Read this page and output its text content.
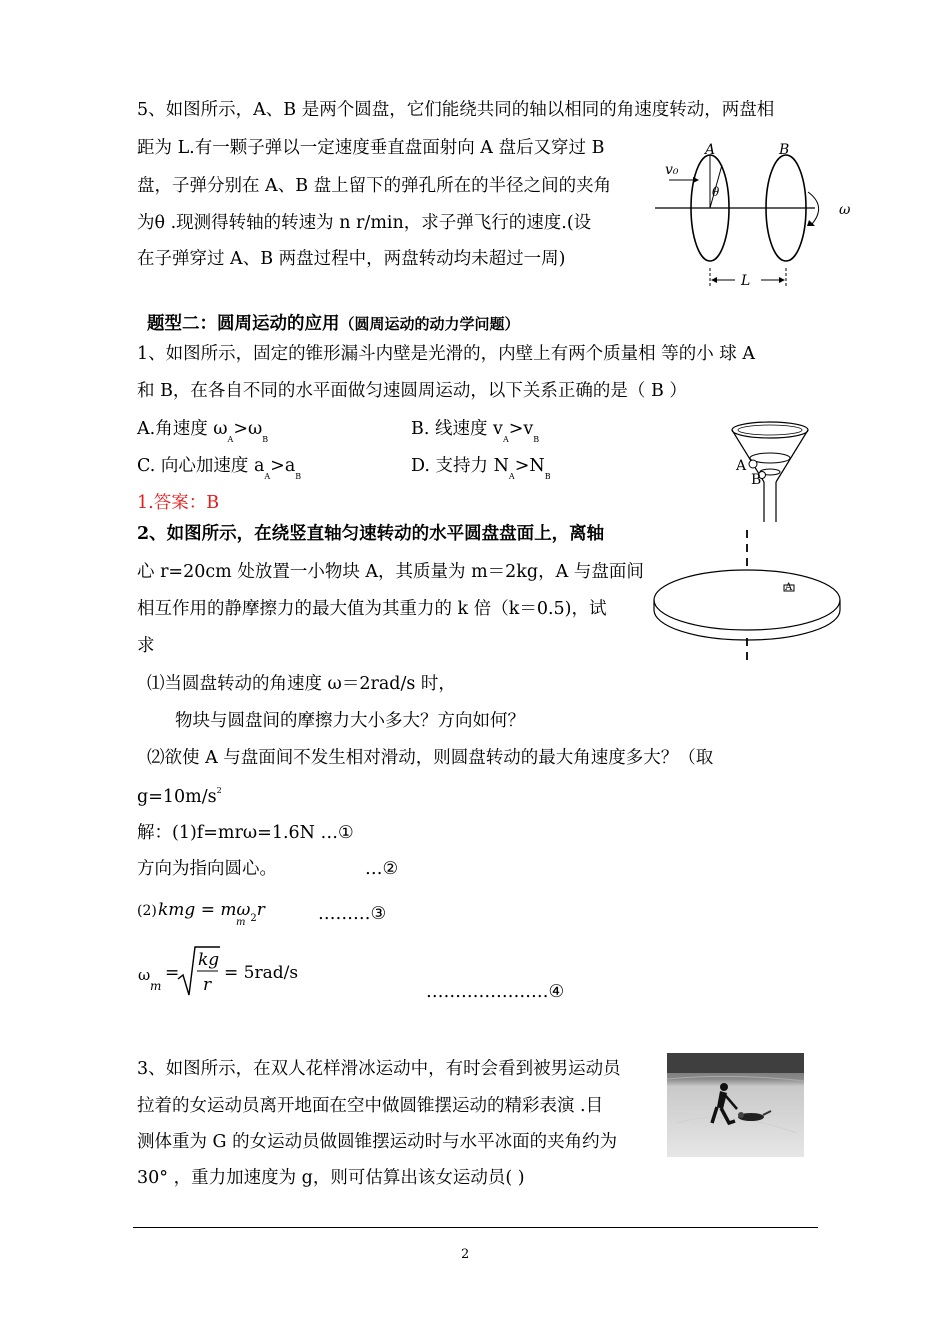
5、如图所示，A、B 是两个圆盘，它们能绕共同的轴以相同的角速度转动，两盘相
距为 L.有一颗子弹以一定速度垂直盘面射向 A 盘后又穿过 B
盘，子弹分别在 A、B 盘上留下的弹孔所在的半径之间的夹角
为θ .现测得转轴的转速为 n r/min，求子弹飞行的速度.(设
在子弹穿过 A、B 两盘过程中，两盘转动均未超过一周)
v₀
A	B
θ
ω
L
题型二：圆周运动的应用（圆周运动的动力学问题）
1、如图所示，固定的锥形漏斗内壁是光滑的，内壁上有两个质量相 等的小 球 A
和 B，在各自不同的水平面做匀速圆周运动，以下关系正确的是（ B ）
A.角速度 $\omega_A>\omega_B$
B. 线速度 $v_A>v_B$
C. 向心加速度 $a_A>a_B$
D. 支持力 $N_A>N_B$
1.答案：B
A
B
2、如图所示，在绕竖直轴匀速转动的水平圆盘盘面上，离轴
心 r=20cm 处放置一小物块 A，其质量为 m＝2kg，A 与盘面间
相互作用的静摩擦力的最大值为其重力的 k 倍（k＝0.5)，试
求
A
⑴当圆盘转动的角速度 ω＝2rad/s 时，
物块与圆盘间的摩擦力大小多大？方向如何？
⑵欲使 A 与盘面间不发生相对滑动，则圆盘转动的最大角速度多大？（取
$g=10m/s^2$
解：(1)f=mrω=1.6N …①
方向为指向圆心。	…②
(2) kmg = $m\omega_2r$
m	………③
ω
m
=
kg
r
= 5rad/s
…………………④
3、如图所示，在双人花样滑冰运动中，有时会看到被男运动员
拉着的女运动员离开地面在空中做圆锥摆运动的精彩表演 .目
测体重为 G 的女运动员做圆锥摆运动时与水平冰面的夹角约为
30° ，重力加速度为 g，则可估算出该女运动员( )
2
